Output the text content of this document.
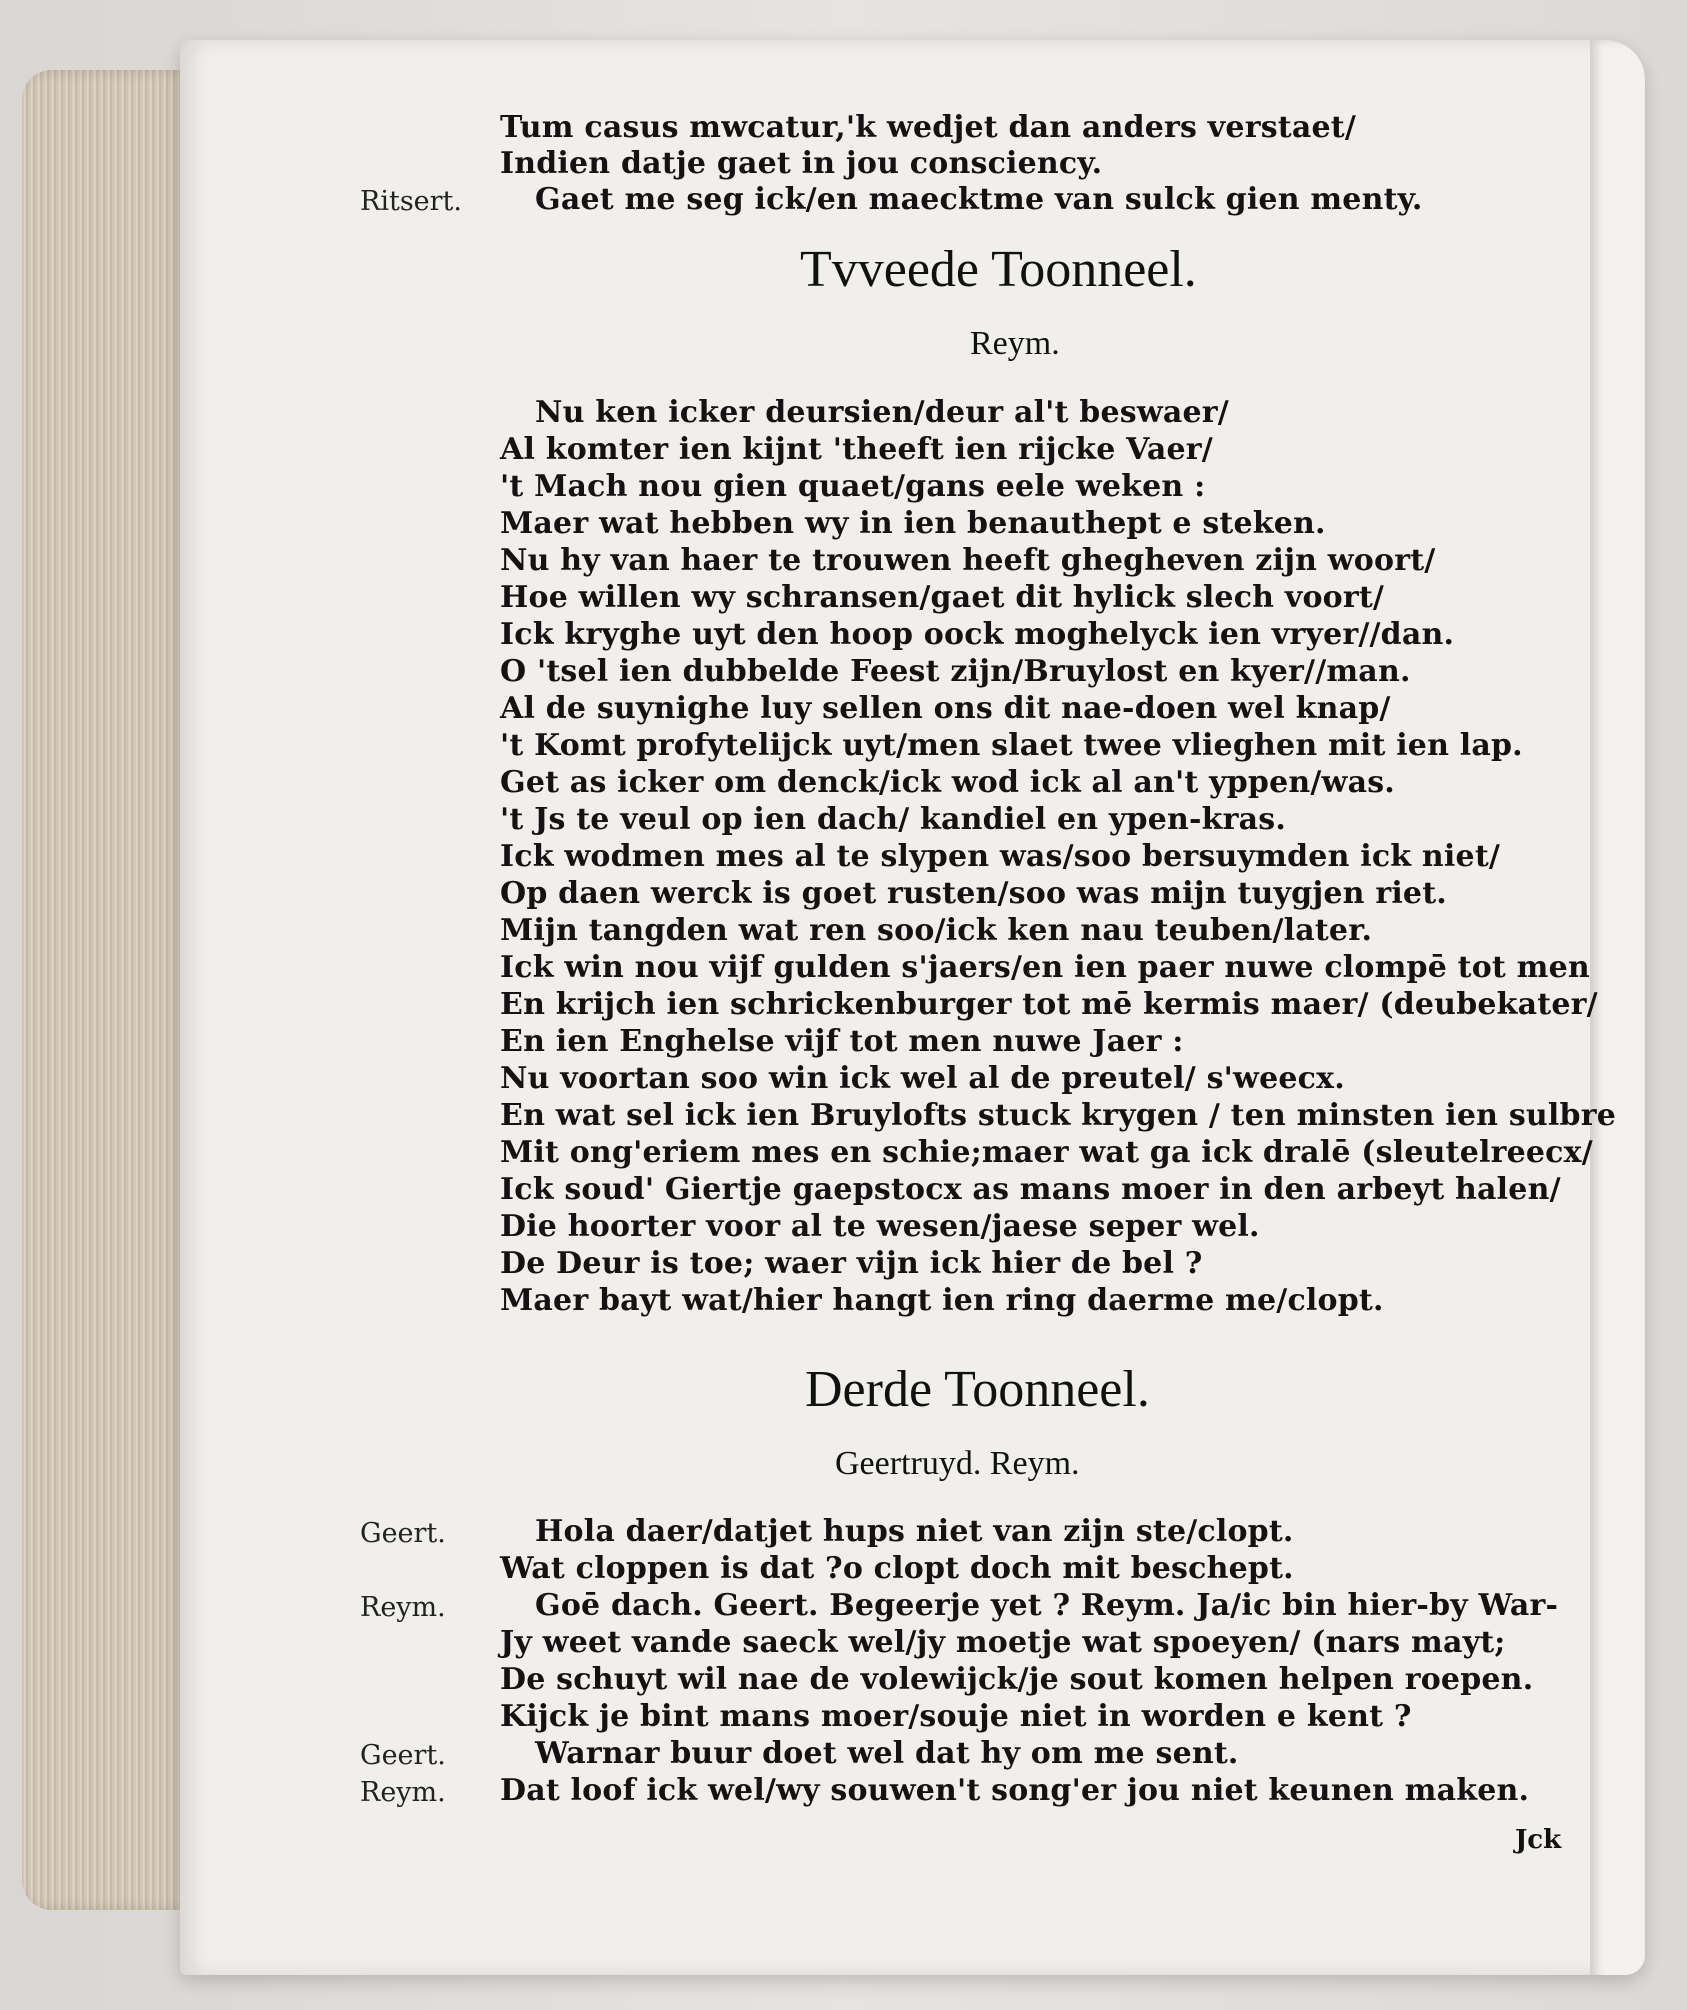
Tum casus mwcatur,'k wedjet dan anders verstaet/
Indien datje gaet in jou consciency.
Ritsert. Gaet me seg ick/en maecktme van sulck gien menty.
Tvveede Toonneel.
Reym.
Nu ken icker deursien/deur al't beswaer/
Al komter ien kijnt 'theeft ien rijcke Vaer/
't Mach nou gien quaet/gans eele weken :
Maer wat hebben wy in ien benauthept e steken.
Nu hy van haer te trouwen heeft ghegheven zijn woort/
Hoe willen wy schransen/gaet dit hylick slech voort/
Ick kryghe uyt den hoop oock moghelyck ien vryer//dan.
O 'tsel ien dubbelde Feest zijn/Bruylost en kyer//man.
Al de suynighe luy sellen ons dit nae-doen wel knap/
't Komt profytelijck uyt/men slaet twee vlieghen mit ien lap.
Get as icker om denck/ick wod ick al an't yppen/was.
't Js te veul op ien dach/ kandiel en ypen-kras.
Ick wodmen mes al te slypen was/soo bersuymden ick niet/
Op daen werck is goet rusten/soo was mijn tuygjen riet.
Mijn tangden wat ren soo/ick ken nau teuben/later.
Ick win nou vijf gulden s'jaers/en ien paer nuwe clompē tot men
En krijch ien schrickenburger tot mē kermis maer/ (deubekater/
En ien Enghelse vijf tot men nuwe Jaer :
Nu voortan soo win ick wel al de preutel/ s'weecx.
En wat sel ick ien Bruylofts stuck krygen / ten minsten ien sulbre
Mit ong'eriem mes en schie;maer wat ga ick dralē (sleutelreecx/
Ick soud' Giertje gaepstocx as mans moer in den arbeyt halen/
Die hoorter voor al te wesen/jaese seper wel.
De Deur is toe; waer vijn ick hier de bel ?
Maer bayt wat/hier hangt ien ring daerme me/clopt.
Derde Toonneel.
Geertruyd. Reym.
Geert.	Hola daer/datjet hups niet van zijn ste/clopt.
Wat cloppen is dat ?o clopt doch mit beschept.
Reym.	Goē dach. Geert. Begeerje yet ? Reym. Ja/ic bin hier-by War-
Jy weet vande saeck wel/jy moetje wat spoeyen/ (nars mayt;
De schuyt wil nae de volewijck/je sout komen helpen roepen.
Kijck je bint mans moer/souje niet in worden e kent ?
Geert.	Warnar buur doet wel dat hy om me sent.
Reym. Dat loof ick wel/wy souwen't song'er jou niet keunen maken.
Jck
